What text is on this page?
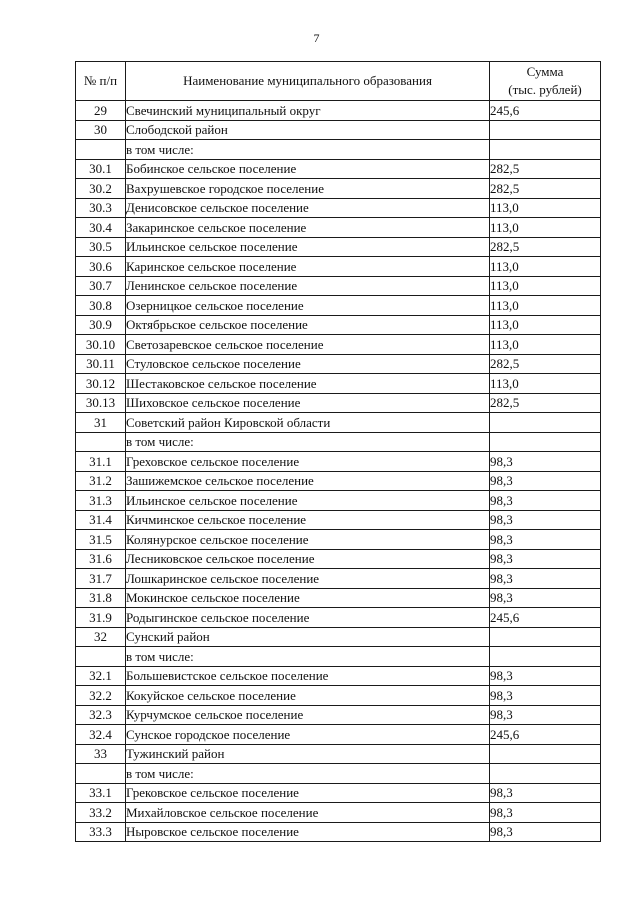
7
№ п/п	Наименование муниципального образования	Сумма
(тыс. рублей)
29	Свечинский муниципальный округ	245,6
30	Слободской район	
	в том числе:	
30.1	Бобинское сельское поселение	282,5
30.2	Вахрушевское городское поселение	282,5
30.3	Денисовское сельское поселение	113,0
30.4	Закаринское сельское поселение	113,0
30.5	Ильинское сельское поселение	282,5
30.6	Каринское сельское поселение	113,0
30.7	Ленинское сельское поселение	113,0
30.8	Озерницкое сельское поселение	113,0
30.9	Октябрьское сельское поселение	113,0
30.10	Светозаревское сельское поселение	113,0
30.11	Стуловское сельское поселение	282,5
30.12	Шестаковское сельское поселение	113,0
30.13	Шиховское сельское поселение	282,5
31	Советский район Кировской области	
	в том числе:	
31.1	Греховское сельское поселение	98,3
31.2	Зашижемское сельское поселение	98,3
31.3	Ильинское сельское поселение	98,3
31.4	Кичминское сельское поселение	98,3
31.5	Колянурское сельское поселение	98,3
31.6	Лесниковское сельское поселение	98,3
31.7	Лошкаринское сельское поселение	98,3
31.8	Мокинское сельское поселение	98,3
31.9	Родыгинское сельское поселение	245,6
32	Сунский район	
	в том числе:	
32.1	Большевистское сельское поселение	98,3
32.2	Кокуйское сельское поселение	98,3
32.3	Курчумское сельское поселение	98,3
32.4	Сунское городское поселение	245,6
33	Тужинский район	
	в том числе:	
33.1	Грековское сельское поселение	98,3
33.2	Михайловское сельское поселение	98,3
33.3	Ныровское сельское поселение	98,3
